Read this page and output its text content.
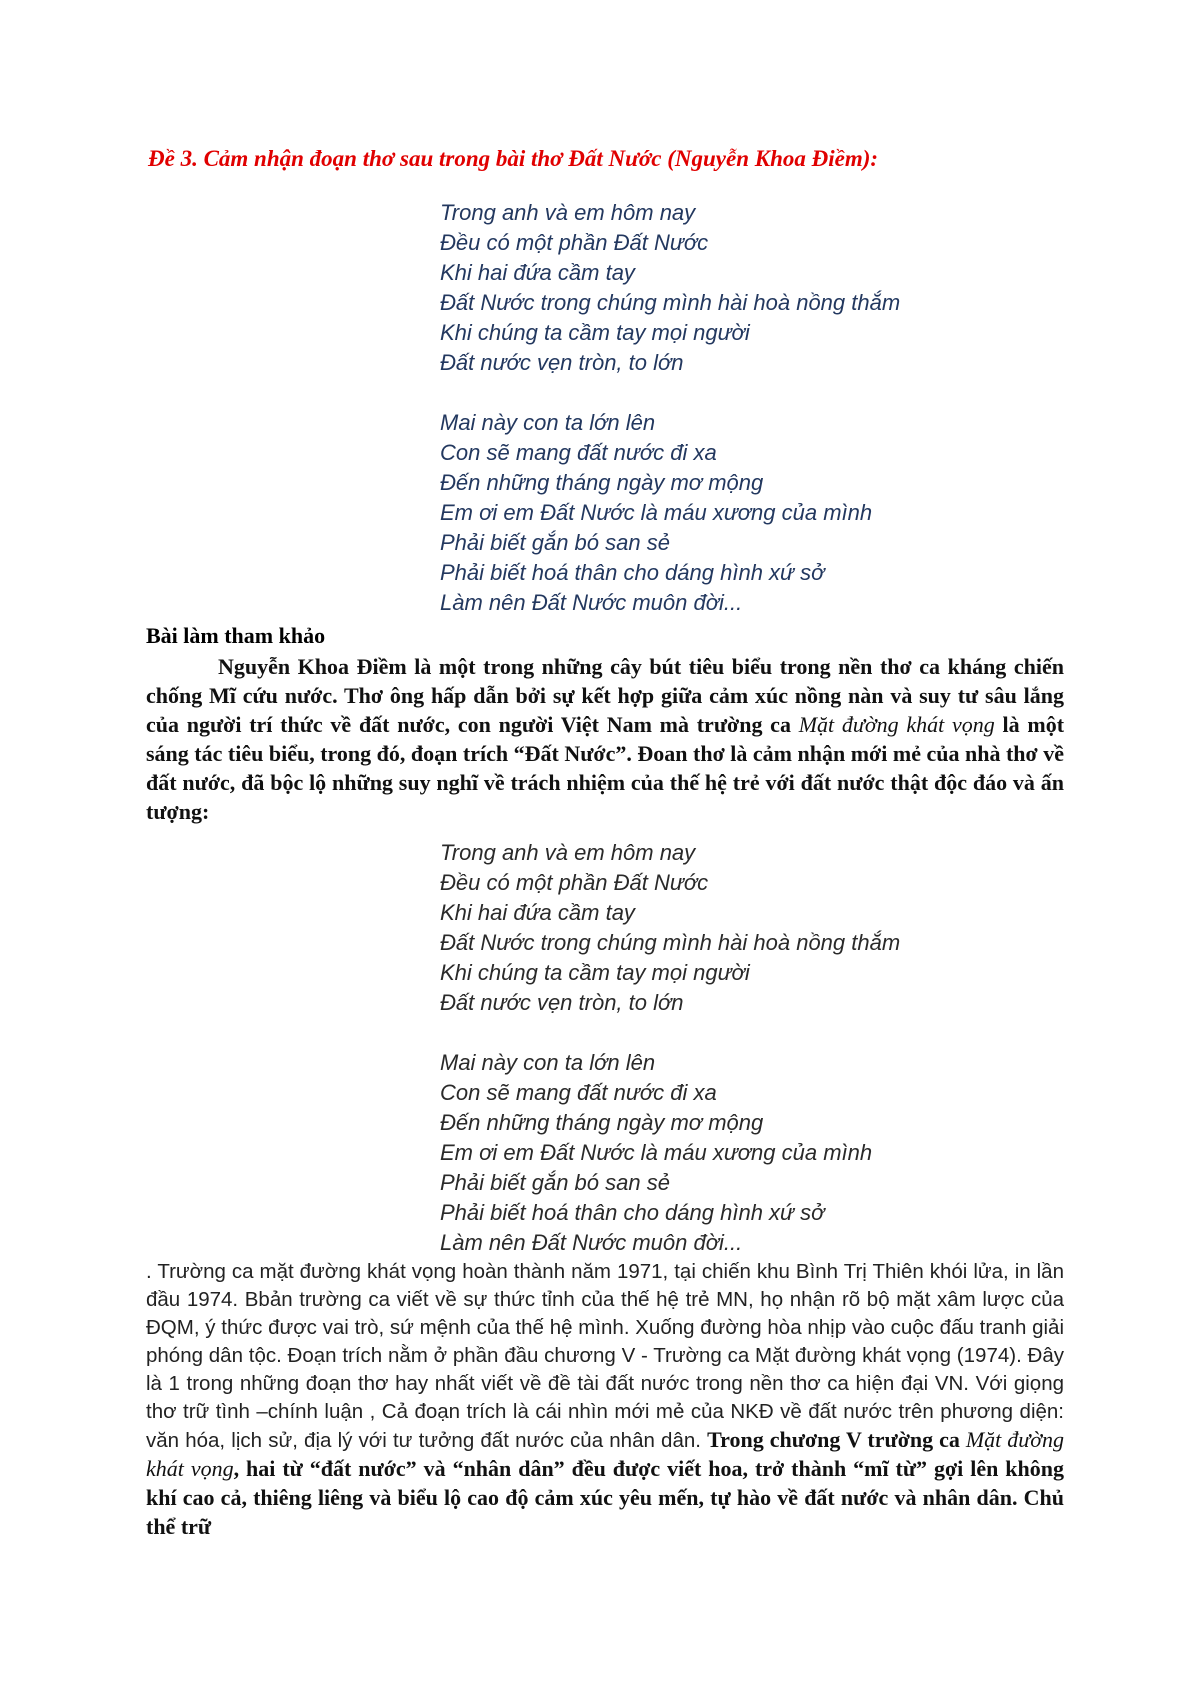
Đề 3. Cảm nhận đoạn thơ sau trong bài thơ Đất Nước (Nguyễn Khoa Điềm):
Trong anh và em hôm nay
Đều có một phần Đất Nước
Khi hai đứa cầm tay
Đất Nước trong chúng mình hài hoà nồng thắm
Khi chúng ta cầm tay mọi người
Đất nước vẹn tròn, to lớn
Mai này con ta lớn lên
Con sẽ mang đất nước đi xa
Đến những tháng ngày mơ mộng
Em ơi em Đất Nước là máu xương của mình
Phải biết gắn bó san sẻ
Phải biết hoá thân cho dáng hình xứ sở
Làm nên Đất Nước muôn đời...
Bài làm tham khảo
Nguyễn Khoa Điềm là một trong những cây bút tiêu biểu trong nền thơ ca kháng chiến chống Mĩ cứu nước. Thơ ông hấp dẫn bởi sự kết hợp giữa cảm xúc nồng nàn và suy tư sâu lắng của người trí thức về đất nước, con người Việt Nam mà trường ca Mặt đường khát vọng là một sáng tác tiêu biểu, trong đó, đoạn trích “Đất Nước”. Đoan thơ là cảm nhận mới mẻ của nhà thơ về đất nước, đã bộc lộ những suy nghĩ về trách nhiệm của thế hệ trẻ với đất nước thật độc đáo và ấn tượng:
Trong anh và em hôm nay
Đều có một phần Đất Nước
Khi hai đứa cầm tay
Đất Nước trong chúng mình hài hoà nồng thắm
Khi chúng ta cầm tay mọi người
Đất nước vẹn tròn, to lớn
Mai này con ta lớn lên
Con sẽ mang đất nước đi xa
Đến những tháng ngày mơ mộng
Em ơi em Đất Nước là máu xương của mình
Phải biết gắn bó san sẻ
Phải biết hoá thân cho dáng hình xứ sở
Làm nên Đất Nước muôn đời...
. Trường ca mặt đường khát vọng hoàn thành năm 1971, tại chiến khu Bình Trị Thiên khói lửa, in lần đầu 1974. Bbản trường ca viết về sự thức tỉnh của thế hệ trẻ MN, họ nhận rõ bộ mặt xâm lược của ĐQM, ý thức được vai trò, sứ mệnh của thế hệ mình. Xuống đường hòa nhịp vào cuộc đấu tranh giải phóng dân tộc. Đoạn trích nằm ở phần đầu chương V - Trường ca Mặt đường khát vọng (1974). Đây là 1 trong những đoạn thơ hay nhất viết về đề tài đất nước trong nền thơ ca hiện đại VN. Với giọng thơ trữ tình –chính luận , Cả đoạn trích là cái nhìn mới mẻ của NKĐ về đất nước trên phương diện: văn hóa, lịch sử, địa lý với tư tưởng đất nước của nhân dân. Trong chương V trường ca Mặt đường khát vọng, hai từ “đất nước” và “nhân dân” đều được viết hoa, trở thành “mĩ từ” gợi lên không khí cao cả, thiêng liêng và biểu lộ cao độ cảm xúc yêu mến, tự hào về đất nước và nhân dân. Chủ thể trữ
